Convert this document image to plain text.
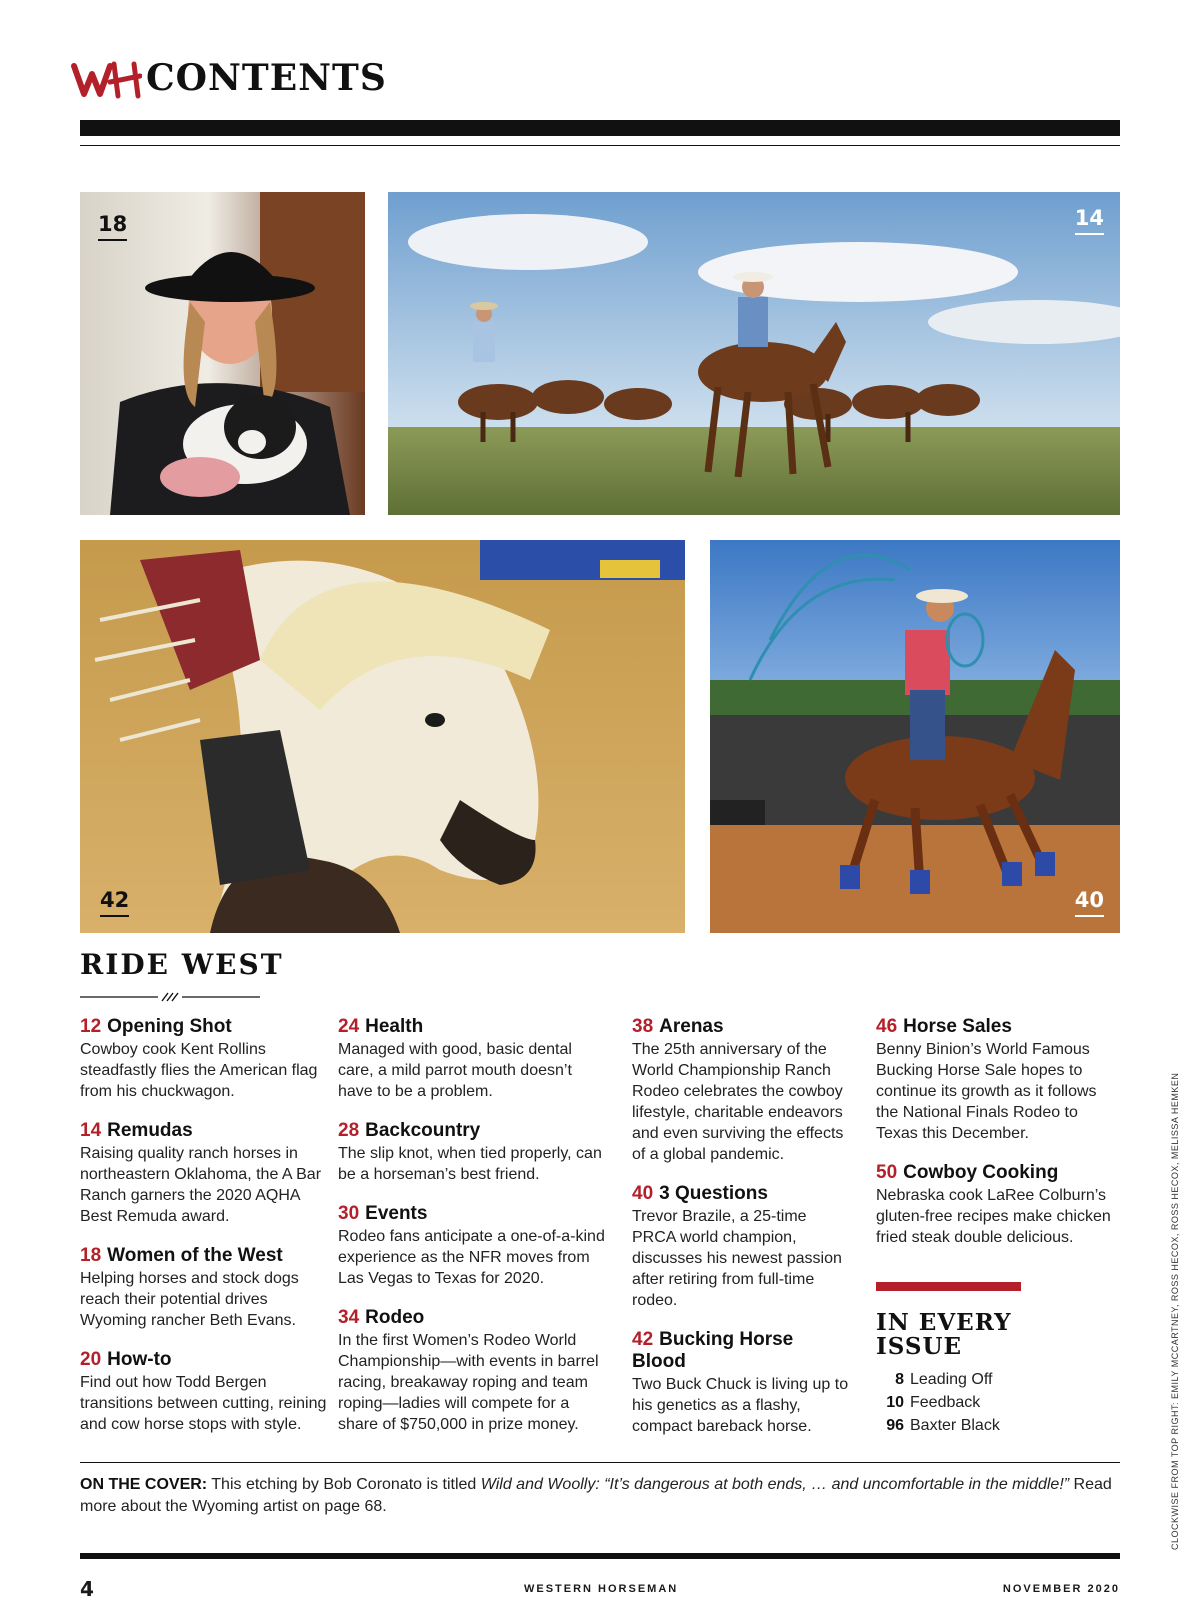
CONTENTS
18	14
42	40
RIDE WEST
12 Opening Shot
Cowboy cook Kent Rollins steadfastly flies the American flag from his chuckwagon.
14 Remudas
Raising quality ranch horses in northeastern Oklahoma, the A Bar Ranch garners the 2020 AQHA Best Remuda award.
18 Women of the West
Helping horses and stock dogs reach their potential drives Wyoming rancher Beth Evans.
20 How-to
Find out how Todd Bergen transitions between cutting, reining and cow horse stops with style.
24 Health
Managed with good, basic dental care, a mild parrot mouth doesn’t have to be a problem.
28 Backcountry
The slip knot, when tied properly, can be a horseman’s best friend.
30 Events
Rodeo fans anticipate a one-of-a-kind experience as the NFR moves from Las Vegas to Texas for 2020.
34 Rodeo
In the first Women’s Rodeo World Championship—with events in barrel racing, breakaway roping and team roping—ladies will compete for a share of $750,000 in prize money.
38 Arenas
The 25th anniversary of the World Championship Ranch Rodeo celebrates the cowboy lifestyle, charitable endeavors and even surviving the effects of a global pandemic.
40 3 Questions
Trevor Brazile, a 25-time PRCA world champion, discusses his newest passion after retiring from full-time rodeo.
42 Bucking Horse Blood
Two Buck Chuck is living up to his genetics as a flashy, compact bareback horse.
46 Horse Sales
Benny Binion’s World Famous Bucking Horse Sale hopes to continue its growth as it follows the National Finals Rodeo to Texas this December.
50 Cowboy Cooking
Nebraska cook LaRee Colburn’s gluten-free recipes make chicken fried steak double delicious.
IN EVERY ISSUE
8 Leading Off
10 Feedback
96 Baxter Black	CLOCKWISE FROM TOP RIGHT: EMILY MCCARTNEY, ROSS HECOX, ROSS HECOX, MELISSA HEMKEN
ON THE COVER: This etching by Bob Coronato is titled Wild and Woolly: “It’s dangerous at both ends, … and uncomfortable in the middle!” Read more about the Wyoming artist on page 68.
4	WESTERN HORSEMAN	NOVEMBER 2020
